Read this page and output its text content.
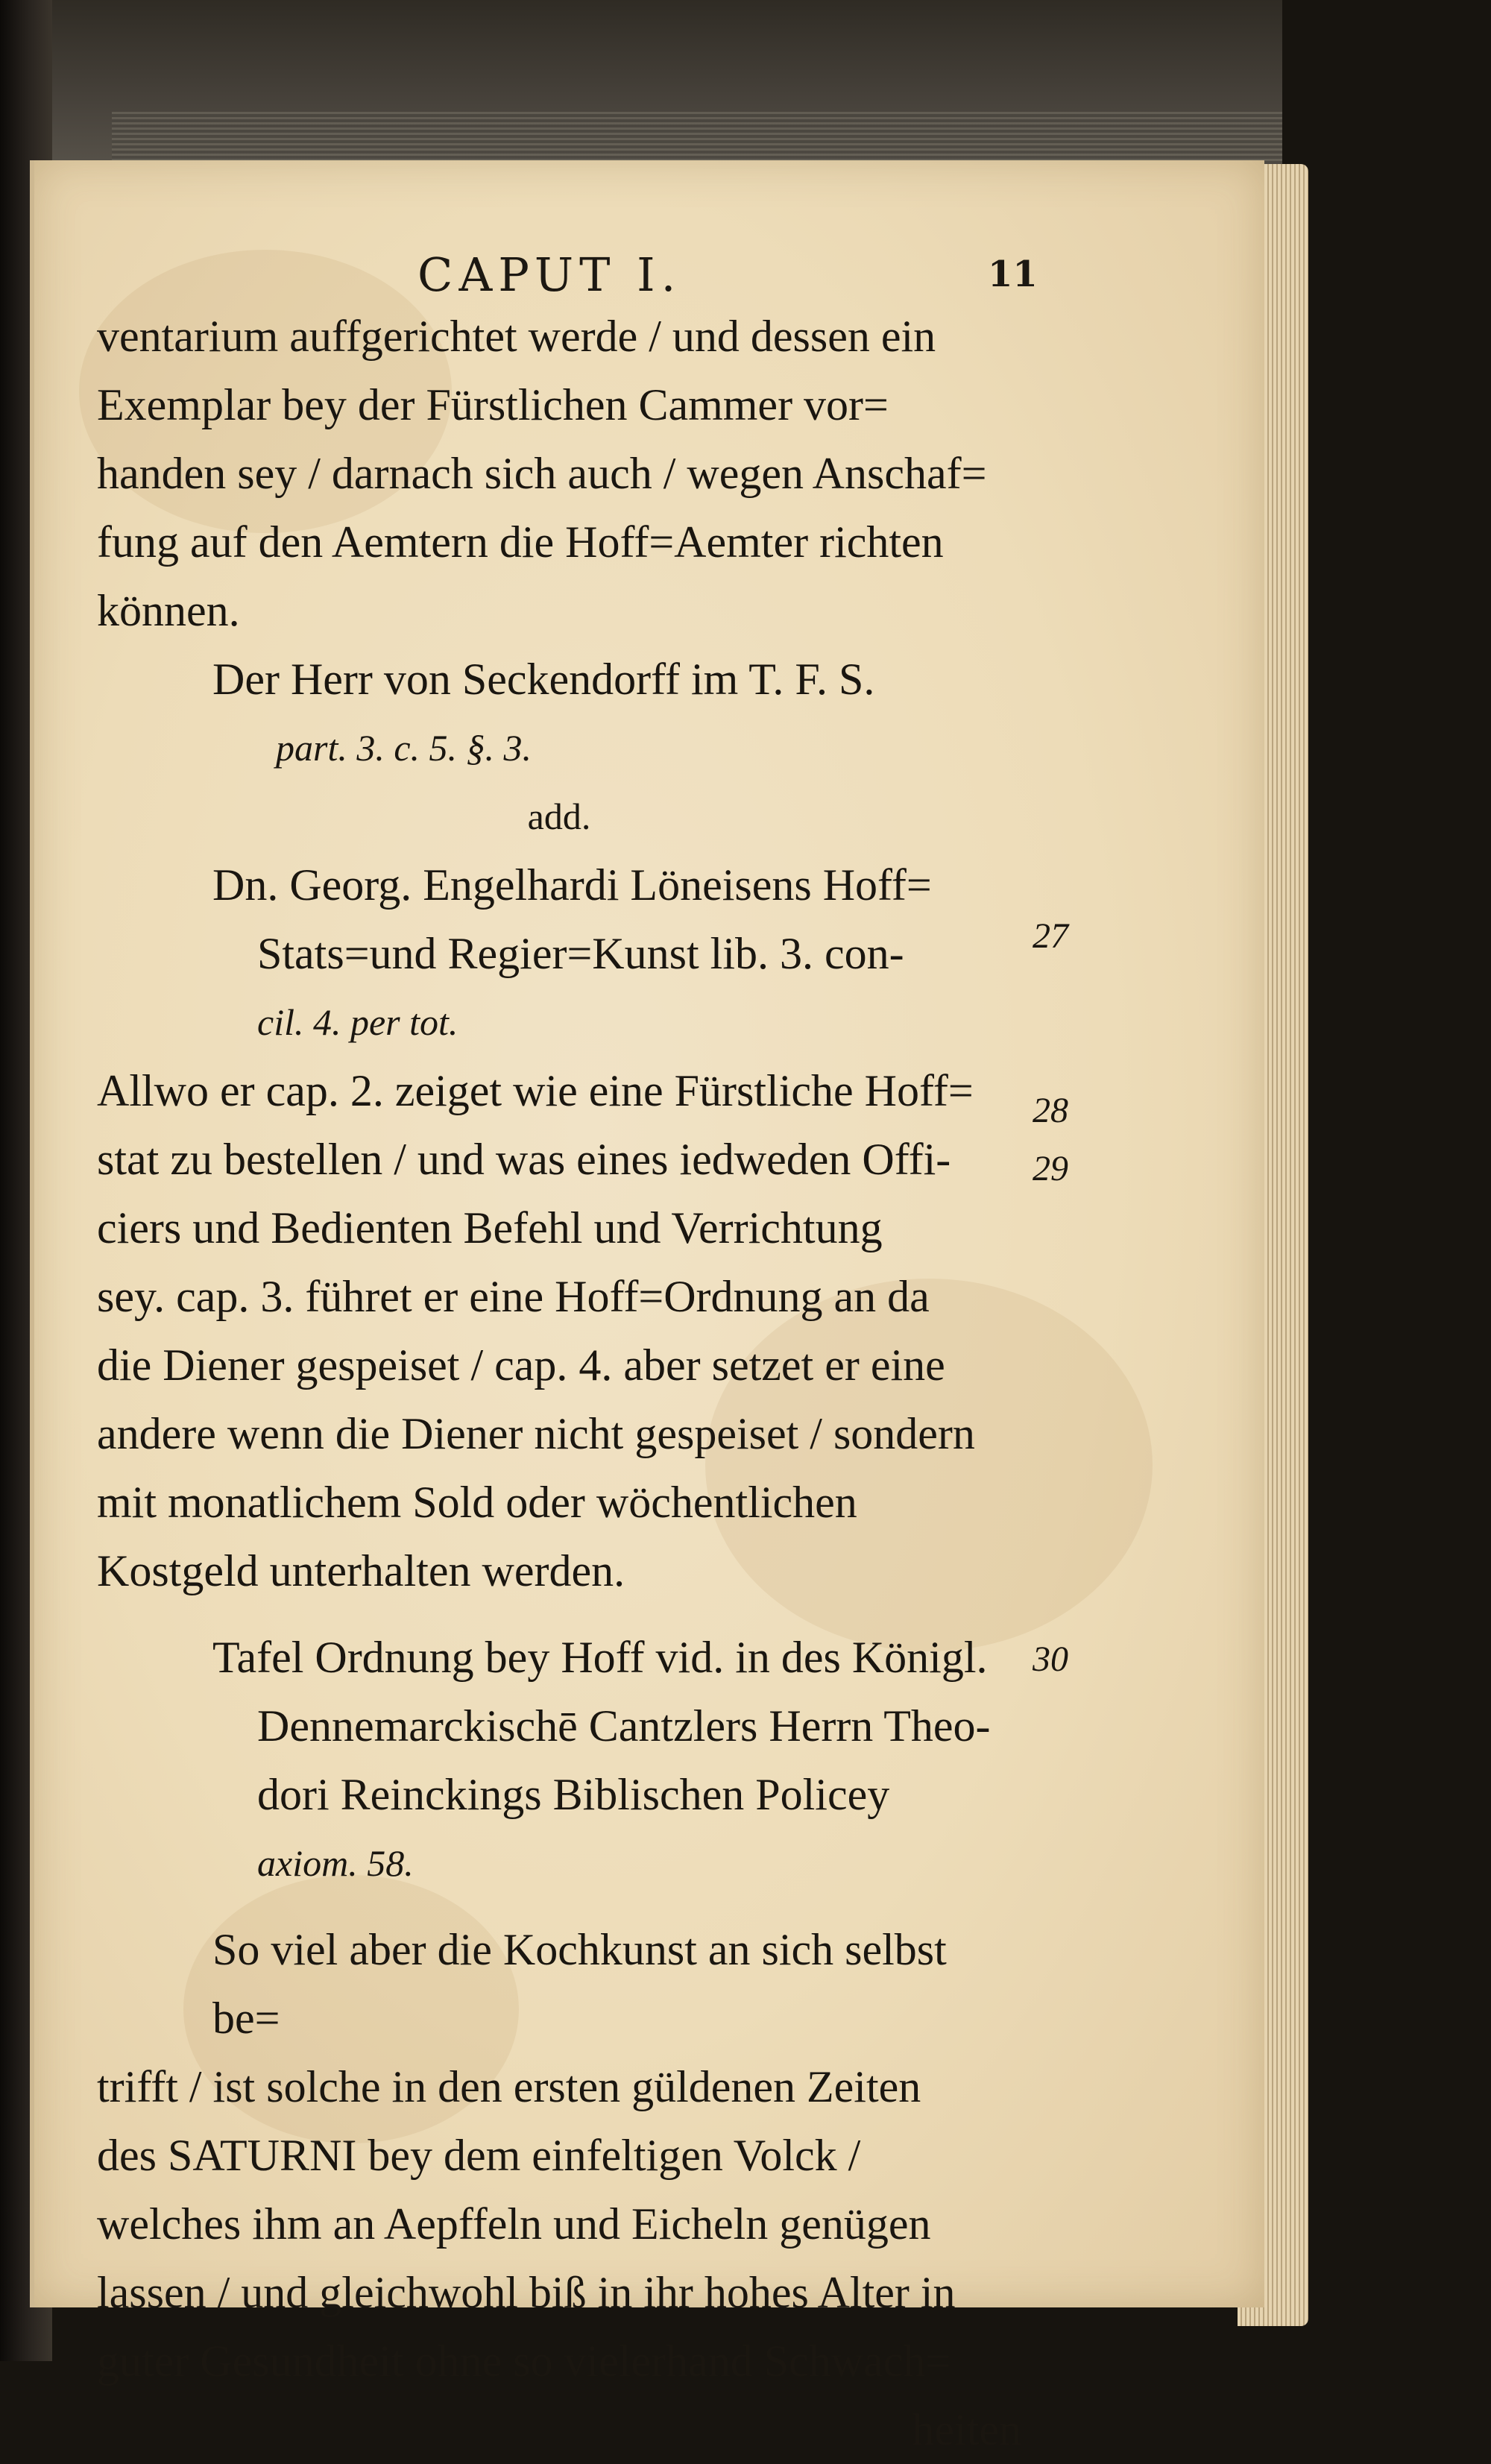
CAPUT I.	11

ventarium auffgerichtet werde / und dessen ein

Exemplar bey der Fürstlichen Cammer vor=

handen sey / darnach sich auch / wegen Anschaf=

fung auf den Aemtern die Hoff=Aemter richten

können.

Der Herr von Seckendorff im T. F. S.

part. 3. c. 5. §. 3.

add.

Dn. Georg. Engelhardi Löneisens Hoff=

Stats=und Regier=Kunst lib. 3. con-

cil. 4. per tot.

Allwo er cap. 2. zeiget wie eine Fürstliche Hoff=

stat zu bestellen / und was eines iedweden Offi-

ciers und Bedienten Befehl und Verrichtung

sey. cap. 3. führet er eine Hoff=Ordnung an da

die Diener gespeiset / cap. 4. aber setzet er eine

andere wenn die Diener nicht gespeiset / sondern

mit monatlichem Sold oder wöchentlichen

Kostgeld unterhalten werden.

Tafel Ordnung bey Hoff vid. in des Königl.

Dennemarckischē Cantzlers Herrn Theo-

dori Reinckings Biblischen Policey

axiom. 58.

So viel aber die Kochkunst an sich selbst be=

trifft / ist solche in den ersten güldenen Zeiten

des SATURNI bey dem einfeltigen Volck /

welches ihm an Aepffeln und Eicheln genügen

lassen / und gleichwohl biß in ihr hohes Alter in

guter Gesundheit ohne so vielerhand Schwach=

heiten

27
28
29
30
